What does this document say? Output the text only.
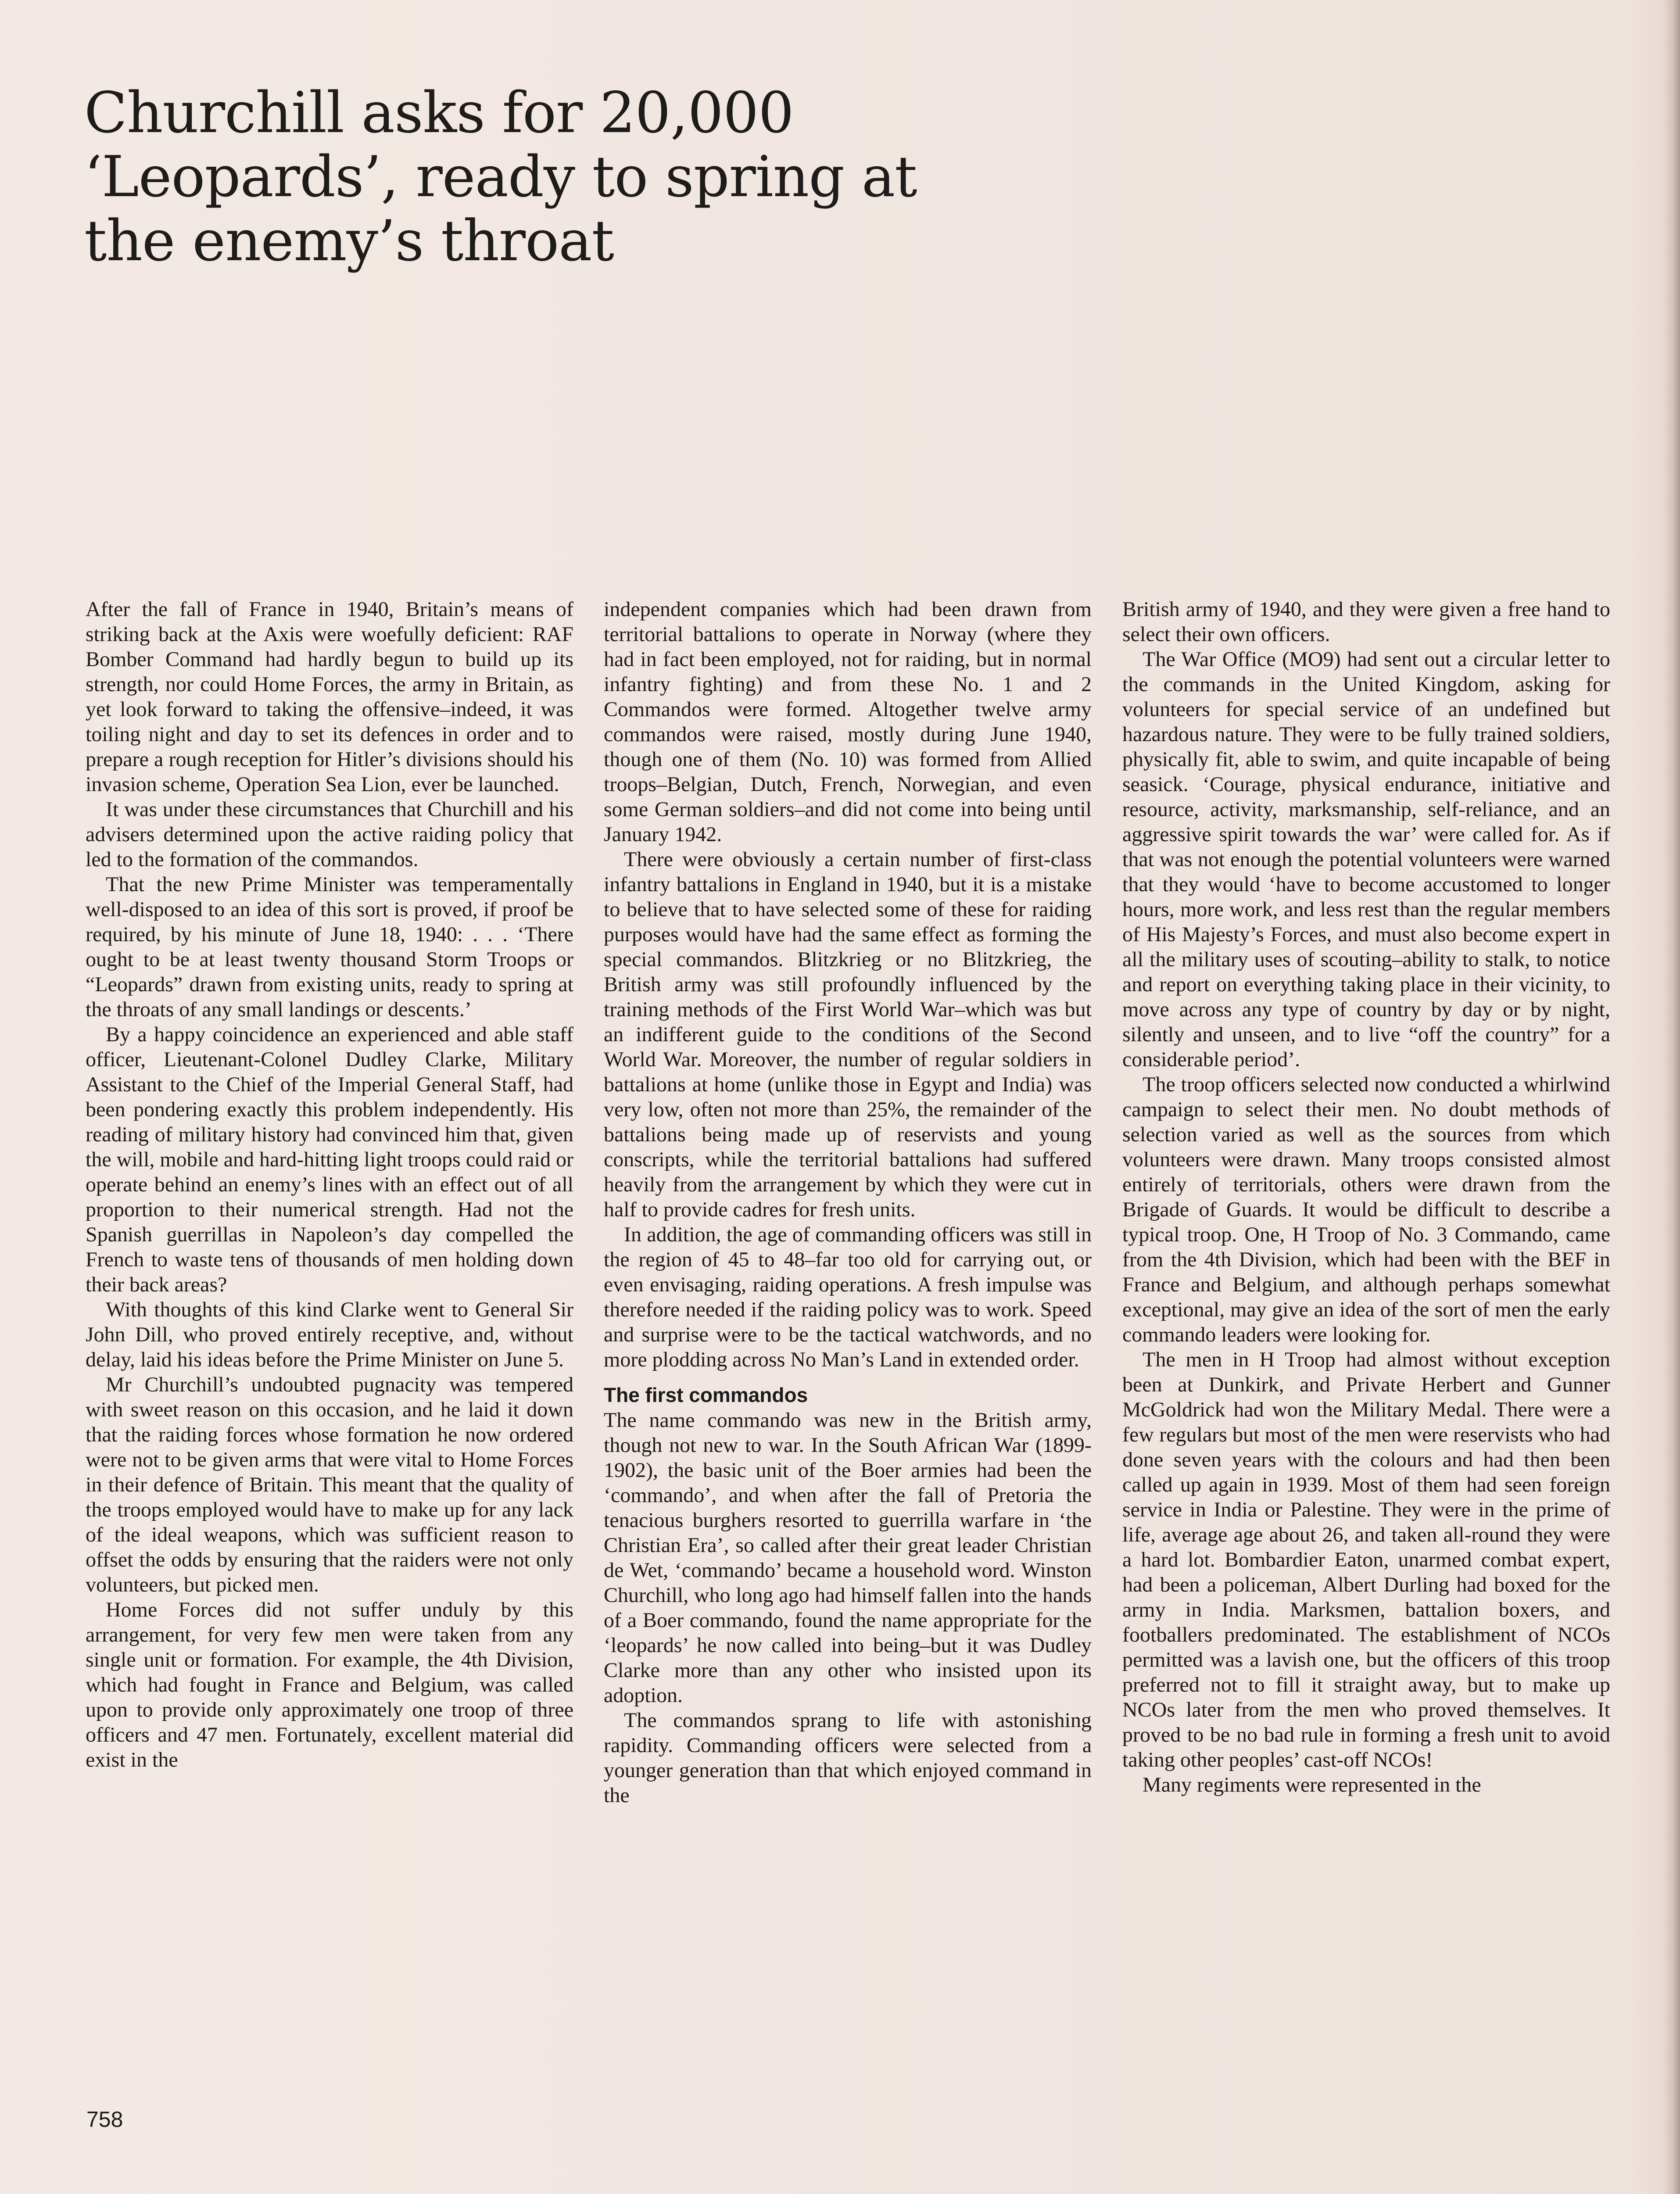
Churchill asks for 20,000 ‘Leopards’, ready to spring at the enemy’s throat

After the fall of France in 1940, Britain’s means of striking back at the Axis were woefully deficient: RAF Bomber Command had hardly begun to build up its strength, nor could Home Forces, the army in Britain, as yet look forward to taking the offensive–indeed, it was toiling night and day to set its defences in order and to prepare a rough reception for Hitler’s divisions should his invasion scheme, Operation Sea Lion, ever be launched.

It was under these circumstances that Churchill and his advisers determined upon the active raiding policy that led to the formation of the commandos.

That the new Prime Minister was temperamentally well-disposed to an idea of this sort is proved, if proof be required, by his minute of June 18, 1940: . . . ‘There ought to be at least twenty thousand Storm Troops or “Leopards” drawn from existing units, ready to spring at the throats of any small landings or descents.’

By a happy coincidence an experienced and able staff officer, Lieutenant-Colonel Dudley Clarke, Military Assistant to the Chief of the Imperial General Staff, had been pondering exactly this problem independently. His reading of military history had convinced him that, given the will, mobile and hard-hitting light troops could raid or operate behind an enemy’s lines with an effect out of all proportion to their numerical strength. Had not the Spanish guerrillas in Napoleon’s day compelled the French to waste tens of thousands of men holding down their back areas?

With thoughts of this kind Clarke went to General Sir John Dill, who proved entirely receptive, and, without delay, laid his ideas before the Prime Minister on June 5.

Mr Churchill’s undoubted pugnacity was tempered with sweet reason on this occasion, and he laid it down that the raiding forces whose formation he now ordered were not to be given arms that were vital to Home Forces in their defence of Britain. This meant that the quality of the troops employed would have to make up for any lack of the ideal weapons, which was sufficient reason to offset the odds by ensuring that the raiders were not only volunteers, but picked men.

Home Forces did not suffer unduly by this arrangement, for very few men were taken from any single unit or formation. For example, the 4th Division, which had fought in France and Belgium, was called upon to provide only approximately one troop of three officers and 47 men. Fortunately, excellent material did exist in the

independent companies which had been drawn from territorial battalions to operate in Norway (where they had in fact been employed, not for raiding, but in normal infantry fighting) and from these No. 1 and 2 Commandos were formed. Altogether twelve army commandos were raised, mostly during June 1940, though one of them (No. 10) was formed from Allied troops–Belgian, Dutch, French, Norwegian, and even some German soldiers–and did not come into being until January 1942.

There were obviously a certain number of first-class infantry battalions in England in 1940, but it is a mistake to believe that to have selected some of these for raiding purposes would have had the same effect as forming the special commandos. Blitzkrieg or no Blitzkrieg, the British army was still profoundly influenced by the training methods of the First World War–which was but an indifferent guide to the conditions of the Second World War. Moreover, the number of regular soldiers in battalions at home (unlike those in Egypt and India) was very low, often not more than 25%, the remainder of the battalions being made up of reservists and young conscripts, while the territorial battalions had suffered heavily from the arrangement by which they were cut in half to provide cadres for fresh units.

In addition, the age of commanding officers was still in the region of 45 to 48–far too old for carrying out, or even envisaging, raiding operations. A fresh impulse was therefore needed if the raiding policy was to work. Speed and surprise were to be the tactical watchwords, and no more plodding across No Man’s Land in extended order.

The first commandos

The name commando was new in the British army, though not new to war. In the South African War (1899-1902), the basic unit of the Boer armies had been the ‘commando’, and when after the fall of Pretoria the tenacious burghers resorted to guerrilla warfare in ‘the Christian Era’, so called after their great leader Christian de Wet, ‘commando’ became a household word. Winston Churchill, who long ago had himself fallen into the hands of a Boer commando, found the name appropriate for the ‘leopards’ he now called into being–but it was Dudley Clarke more than any other who insisted upon its adoption.

The commandos sprang to life with astonishing rapidity. Commanding officers were selected from a younger generation than that which enjoyed command in the

British army of 1940, and they were given a free hand to select their own officers.

The War Office (MO9) had sent out a circular letter to the commands in the United Kingdom, asking for volunteers for special service of an undefined but hazardous nature. They were to be fully trained soldiers, physically fit, able to swim, and quite incapable of being seasick. ‘Courage, physical endurance, initiative and resource, activity, marksmanship, self-reliance, and an aggressive spirit towards the war’ were called for. As if that was not enough the potential volunteers were warned that they would ‘have to become accustomed to longer hours, more work, and less rest than the regular members of His Majesty’s Forces, and must also become expert in all the military uses of scouting–ability to stalk, to notice and report on everything taking place in their vicinity, to move across any type of country by day or by night, silently and unseen, and to live “off the country” for a considerable period’.

The troop officers selected now conducted a whirlwind campaign to select their men. No doubt methods of selection varied as well as the sources from which volunteers were drawn. Many troops consisted almost entirely of territorials, others were drawn from the Brigade of Guards. It would be difficult to describe a typical troop. One, H Troop of No. 3 Commando, came from the 4th Division, which had been with the BEF in France and Belgium, and although perhaps somewhat exceptional, may give an idea of the sort of men the early commando leaders were looking for.

The men in H Troop had almost without exception been at Dunkirk, and Private Herbert and Gunner McGoldrick had won the Military Medal. There were a few regulars but most of the men were reservists who had done seven years with the colours and had then been called up again in 1939. Most of them had seen foreign service in India or Palestine. They were in the prime of life, average age about 26, and taken all-round they were a hard lot. Bombardier Eaton, unarmed combat expert, had been a policeman, Albert Durling had boxed for the army in India. Marksmen, battalion boxers, and footballers predominated. The establishment of NCOs permitted was a lavish one, but the officers of this troop preferred not to fill it straight away, but to make up NCOs later from the men who proved themselves. It proved to be no bad rule in forming a fresh unit to avoid taking other peoples’ cast-off NCOs!

Many regiments were represented in the

758
